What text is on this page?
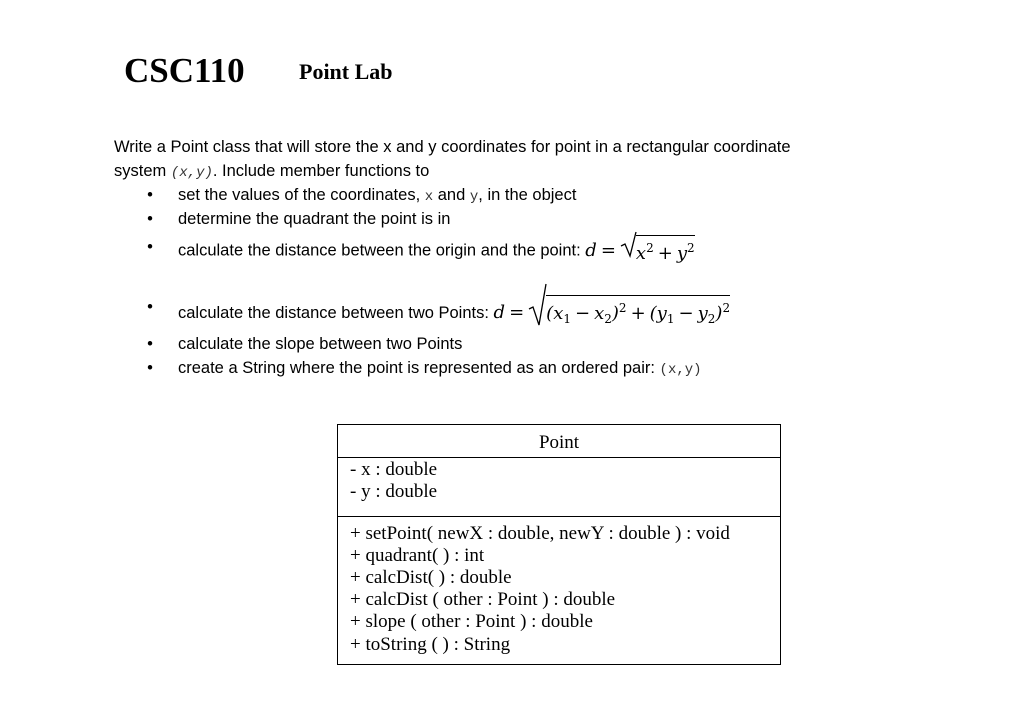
CSC110 Point Lab
Write a Point class that will store the x and y coordinates for point in a rectangular coordinate
system (x,y). Include member functions to
• set the values of the coordinates, x and y, in the object
• determine the quadrant the point is in
• calculate the distance between the origin and the point: $d = x^2 + y^2$
• calculate the distance between two Points: $d = (x_1 - x_2)^2 + (y_1 - y_2)^2$
• calculate the slope between two Points
• create a String where the point is represented as an ordered pair: (x,y)
Point
- x : double
- y : double
+ setPoint( newX : double, newY : double ) : void
+ quadrant( ) : int
+ calcDist( ) : double
+ calcDist ( other : Point ) : double
+ slope ( other : Point ) : double
+ toString ( ) : String
